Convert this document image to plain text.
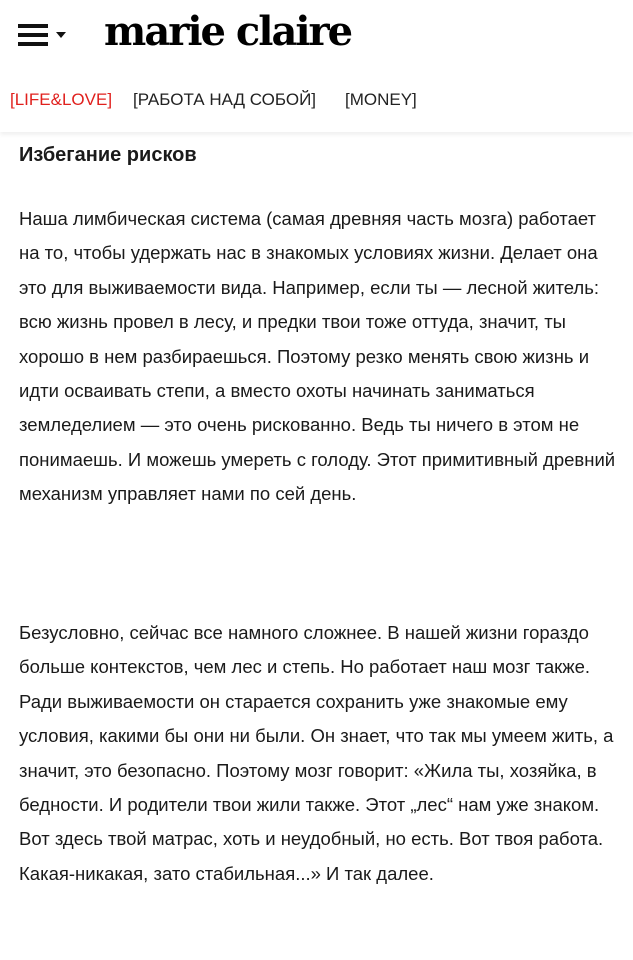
marie claire
[LIFE&LOVE] [РАБОТА НАД СОБОЙ] [MONEY]
Избегание рисков

Наша лимбическая система (самая древняя часть мозга) работает на то, чтобы удержать нас в знакомых условиях жизни. Делает она это для выживаемости вида. Например, если ты — лесной житель: всю жизнь провел в лесу, и предки твои тоже оттуда, значит, ты хорошо в нем разбираешься. Поэтому резко менять свою жизнь и идти осваивать степи, а вместо охоты начинать заниматься земледелием — это очень рискованно. Ведь ты ничего в этом не понимаешь. И можешь умереть с голоду. Этот примитивный древний механизм управляет нами по сей день.

Безусловно, сейчас все намного сложнее. В нашей жизни гораздо больше контекстов, чем лес и степь. Но работает наш мозг также. Ради выживаемости он старается сохранить уже знакомые ему условия, какими бы они ни были. Он знает, что так мы умеем жить, а значит, это безопасно. Поэтому мозг говорит: «Жила ты, хозяйка, в бедности. И родители твои жили также. Этот „лес“ нам уже знаком. Вот здесь твой матрас, хоть и неудобный, но есть. Вот твоя работа. Какая-никакая, зато стабильная...» И так далее.
